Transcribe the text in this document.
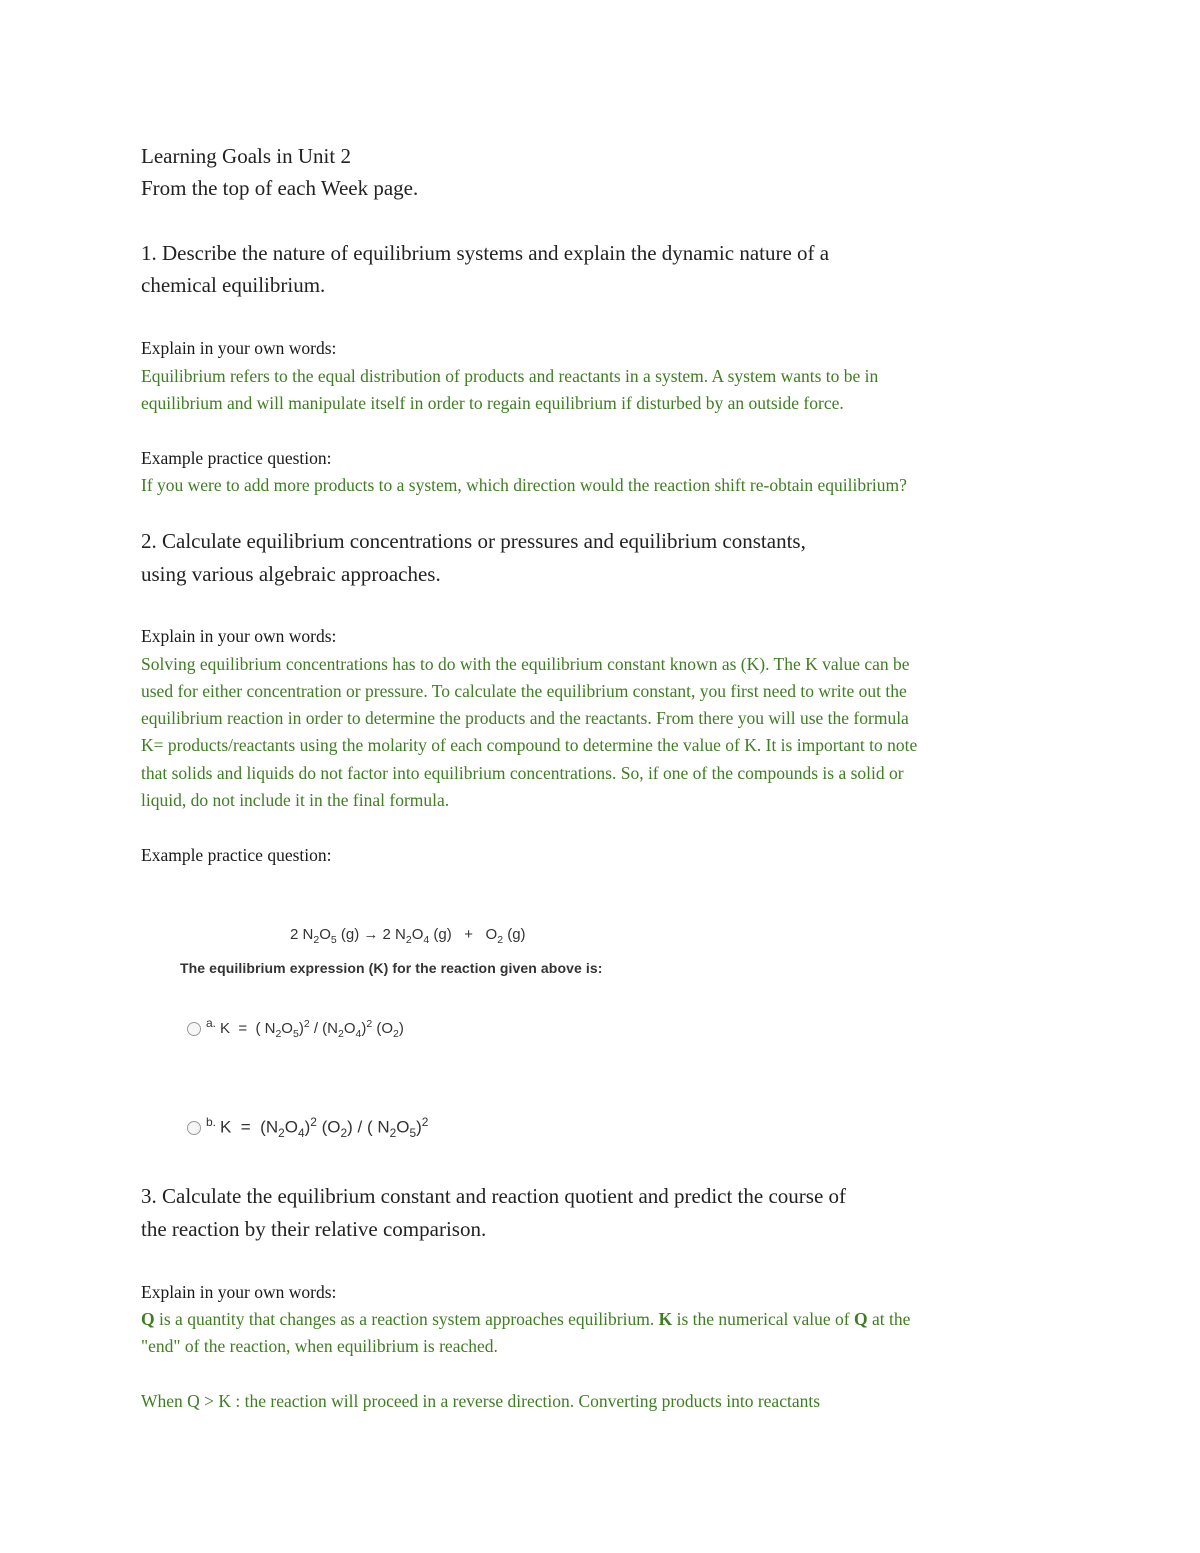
Learning Goals in Unit 2
From the top of each Week page.
1. Describe the nature of equilibrium systems and explain the dynamic nature of a
chemical equilibrium.
Explain in your own words:
Equilibrium refers to the equal distribution of products and reactants in a system. A system wants to be in
equilibrium and will manipulate itself in order to regain equilibrium if disturbed by an outside force.
Example practice question:
If you were to add more products to a system, which direction would the reaction shift re-obtain equilibrium?
2. Calculate equilibrium concentrations or pressures and equilibrium constants,
using various algebraic approaches.
Explain in your own words:
Solving equilibrium concentrations has to do with the equilibrium constant known as (K). The K value can be
used for either concentration or pressure. To calculate the equilibrium constant, you first need to write out the
equilibrium reaction in order to determine the products and the reactants. From there you will use the formula
K= products/reactants using the molarity of each compound to determine the value of K. It is important to note
that solids and liquids do not factor into equilibrium concentrations. So, if one of the compounds is a solid or
liquid, do not include it in the final formula.
Example practice question:
2 $N_2O_5$ (g) → 2 $N_2O_4$ $(g) + O_2$ (g)
The equilibrium expression (K) for the reaction given above is:
a. K  =  ( $N_2O_5)^2 / (N_2O_4)^2$ $(O_2)$
b. $K = (N_2O_4)^2$ $(O_2)$ / ( $N_2O_5)^2$
3. Calculate the equilibrium constant and reaction quotient and predict the course of
the reaction by their relative comparison.
Explain in your own words:
Q is a quantity that changes as a reaction system approaches equilibrium. K is the numerical value of Q at the
"end" of the reaction, when equilibrium is reached.
When Q > K : the reaction will proceed in a reverse direction. Converting products into reactants
